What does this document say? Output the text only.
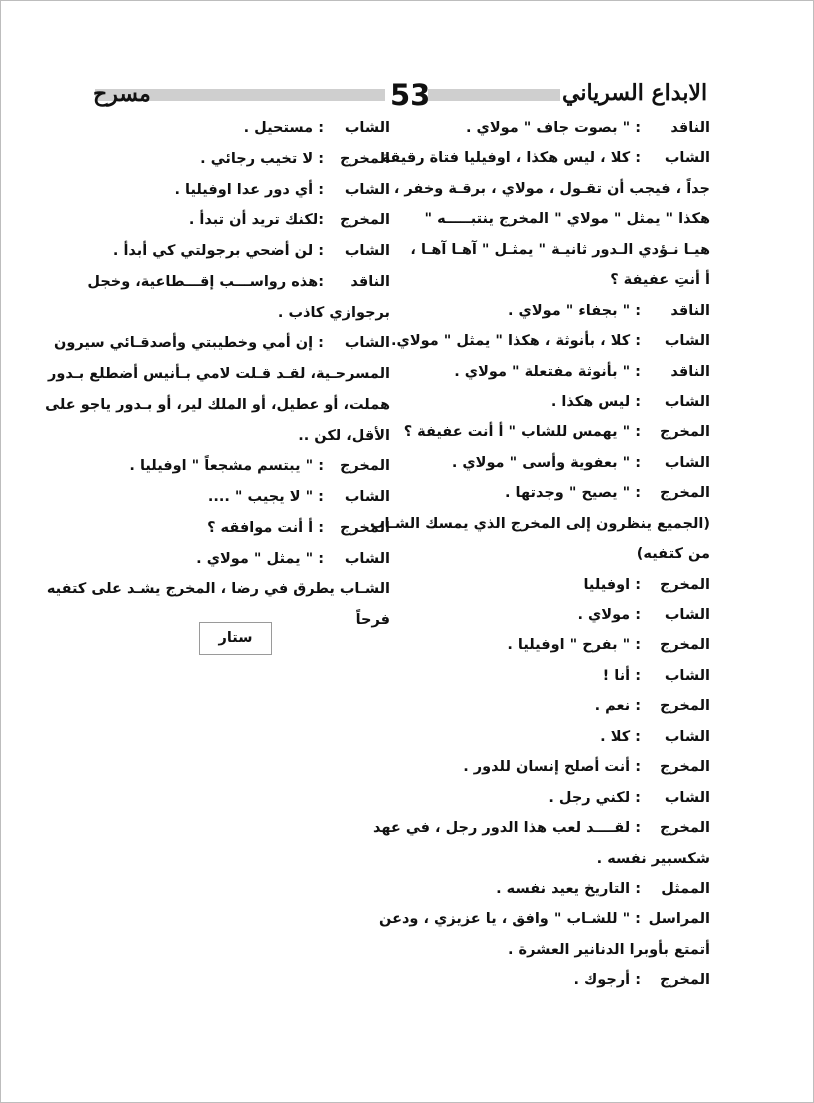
مسرح	53	الابداع السرياني
الناقد: " بصوت جاف " مولاي .
الشاب: كلا ، ليس هكذا ، اوفيليا فتاة رقيقة
جداً ، فيجب أن تقـول ، مولاي ، برقـة وخفر ،
هكذا " يمثل " مولاي " المخرج ينتبـــــه "
هيـا نـؤدي الـدور ثانيـة " يمثـل " آهـا آهـا ،
أ أنتِ عفيفة ؟
الناقد: " بجفاء " مولاي .
الشاب: كلا ، بأنوثة ، هكذا " يمثل " مولاي.
الناقد: " بأنوثة مفتعلة " مولاي .
الشاب: ليس هكذا .
المخرج: " يهمس للشاب " أ أنت عفيفة ؟
الشاب: " بعفوية وأسى " مولاي .
المخرج: " يصيح " وجدتها .
(الجميع ينظرون إلى المخرج الذي يمسك الشـاب
من كتفيه)
المخرج: اوفيليا
الشاب: مولاي .
المخرج: " بفرح " اوفيليا .
الشاب: أنا !
المخرج: نعم .
الشاب: كلا .
المخرج: أنت أصلح إنسان للدور .
الشاب: لكني رجل .
المخرج: لقــــد لعب هذا الدور رجل ، في عهد
شكسبير نفسه .
الممثل: التاريخ يعيد نفسه .
المراسل: " للشـاب " وافق ، يا عزيزي ، ودعن
أتمتع بأوبرا الدنانير العشرة .
المخرج: أرجوك .
الشاب: مستحيل .
المخرج: لا تخيب رجائي .
الشاب: أي دور عدا اوفيليا .
المخرج:لكنك تريد أن تبدأ .
الشاب: لن أضحي برجولتي كي أبدأ .
الناقد:هذه رواســـب إقـــطاعية، وخجل
برجوازي كاذب .
الشاب: إن أمي وخطيبتي وأصدقـائي سيرون
المسرحـية، لقـد قـلت لامي بـأنيس أضطلع بـدور
هملت، أو عطيل، أو الملك لير، أو بـدور ياجو على
الأقل، لكن ..
المخرج: " يبتسم مشجعاً " اوفيليا .
الشاب: " لا يجيب " ....
المخرج: أ أنت موافقه ؟
الشاب: " يمثل " مولاي .
الشـاب يطرق في رضا ، المخرج يشـد على كتفيه
فرحاً
ستار
